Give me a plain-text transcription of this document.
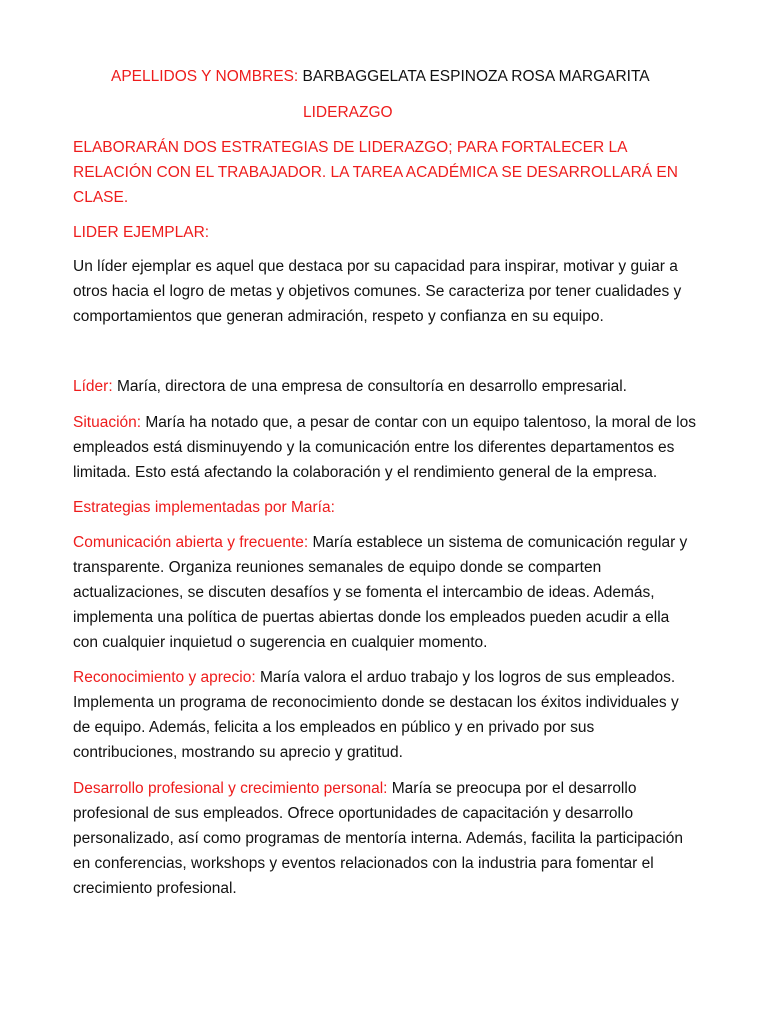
APELLIDOS Y NOMBRES: BARBAGGELATA ESPINOZA ROSA MARGARITA
LIDERAZGO
ELABORARÁN DOS ESTRATEGIAS DE LIDERAZGO; PARA FORTALECER LA RELACIÓN CON EL TRABAJADOR. LA TAREA ACADÉMICA SE DESARROLLARÁ EN CLASE.
LIDER EJEMPLAR:
Un líder ejemplar es aquel que destaca por su capacidad para inspirar, motivar y guiar a otros hacia el logro de metas y objetivos comunes. Se caracteriza por tener cualidades y comportamientos que generan admiración, respeto y confianza en su equipo.
Líder: María, directora de una empresa de consultoría en desarrollo empresarial.
Situación: María ha notado que, a pesar de contar con un equipo talentoso, la moral de los empleados está disminuyendo y la comunicación entre los diferentes departamentos es limitada. Esto está afectando la colaboración y el rendimiento general de la empresa.
Estrategias implementadas por María:
Comunicación abierta y frecuente: María establece un sistema de comunicación regular y transparente. Organiza reuniones semanales de equipo donde se comparten actualizaciones, se discuten desafíos y se fomenta el intercambio de ideas. Además, implementa una política de puertas abiertas donde los empleados pueden acudir a ella con cualquier inquietud o sugerencia en cualquier momento.
Reconocimiento y aprecio: María valora el arduo trabajo y los logros de sus empleados. Implementa un programa de reconocimiento donde se destacan los éxitos individuales y de equipo. Además, felicita a los empleados en público y en privado por sus contribuciones, mostrando su aprecio y gratitud.
Desarrollo profesional y crecimiento personal: María se preocupa por el desarrollo profesional de sus empleados. Ofrece oportunidades de capacitación y desarrollo personalizado, así como programas de mentoría interna. Además, facilita la participación en conferencias, workshops y eventos relacionados con la industria para fomentar el crecimiento profesional.
